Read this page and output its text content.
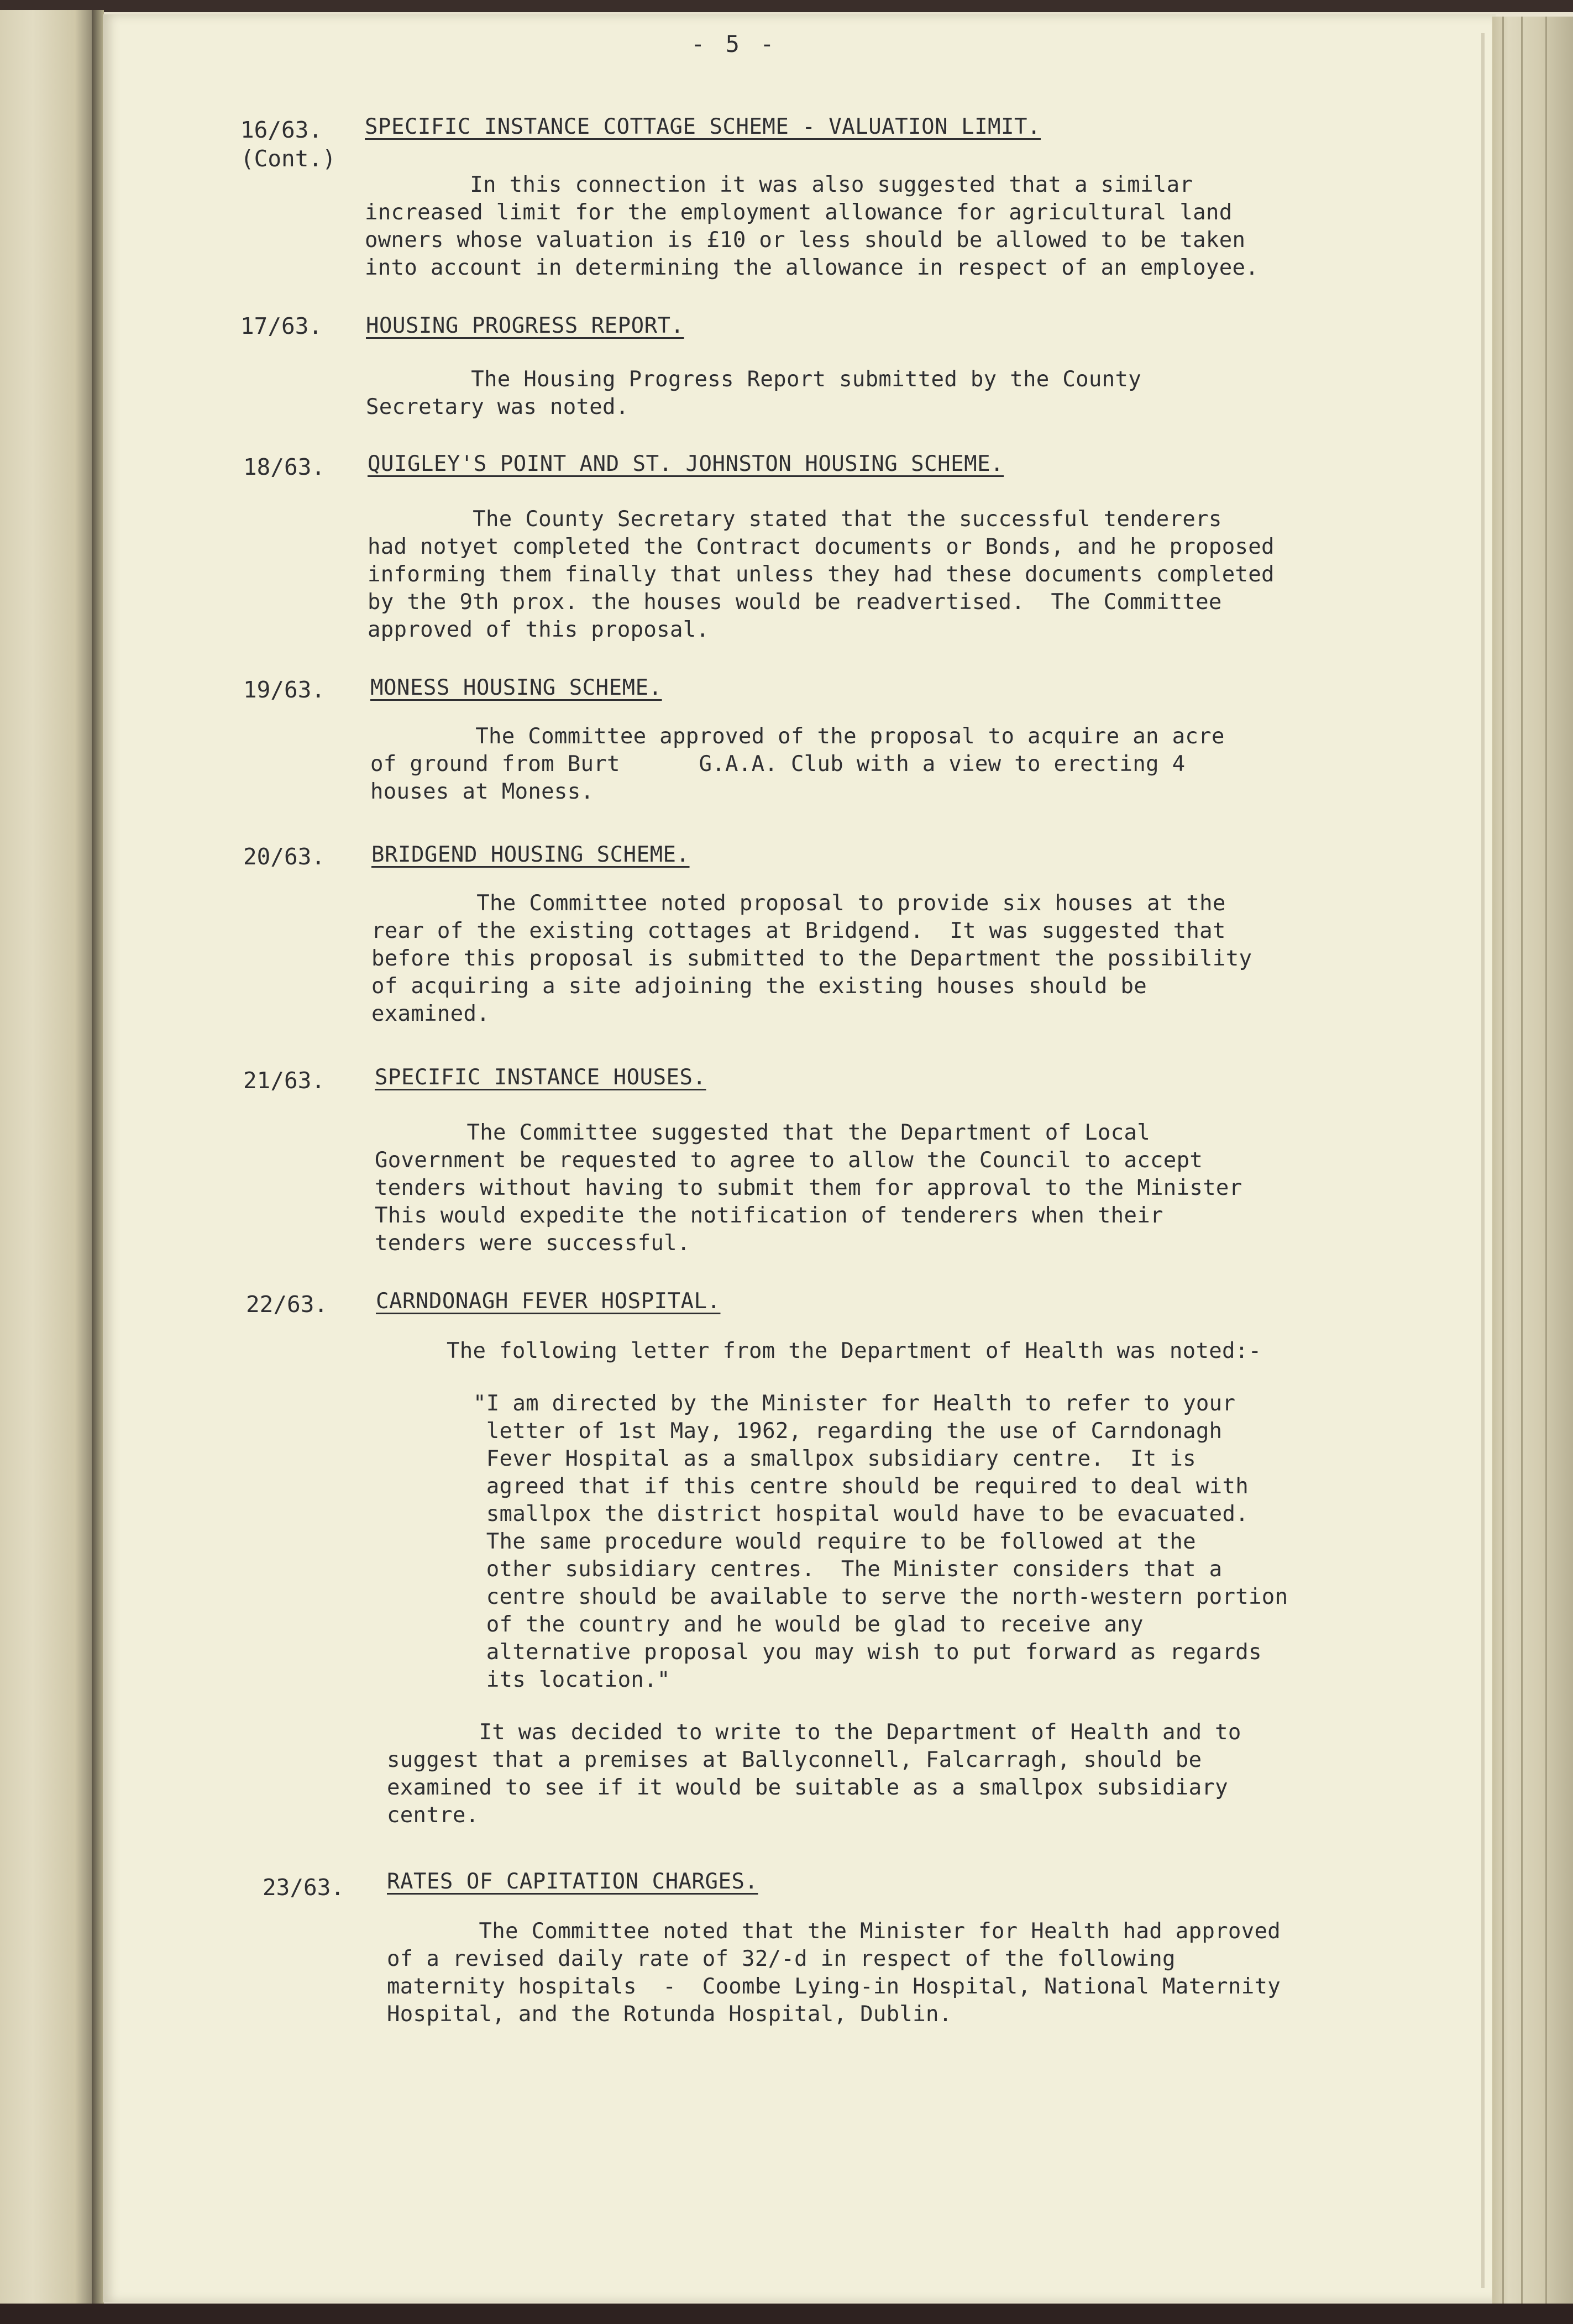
- 5 -
16/63.
(Cont.)
SPECIFIC INSTANCE COTTAGE SCHEME - VALUATION LIMIT.
In this connection it was also suggested that a similar
increased limit for the employment allowance for agricultural land
owners whose valuation is £10 or less should be allowed to be taken
into account in determining the allowance in respect of an employee.
17/63. HOUSING PROGRESS REPORT.
The Housing Progress Report submitted by the County
Secretary was noted.
18/63. QUIGLEY'S POINT AND ST. JOHNSTON HOUSING SCHEME.
The County Secretary stated that the successful tenderers
had notyet completed the Contract documents or Bonds, and he proposed
informing them finally that unless they had these documents completed
by the 9th prox. the houses would be readvertised.  The Committee
approved of this proposal.
19/63. MONESS HOUSING SCHEME.
The Committee approved of the proposal to acquire an acre
of ground from Burt      G.A.A. Club with a view to erecting 4
houses at Moness.
20/63. BRIDGEND HOUSING SCHEME.
The Committee noted proposal to provide six houses at the
rear of the existing cottages at Bridgend.  It was suggested that
before this proposal is submitted to the Department the possibility
of acquiring a site adjoining the existing houses should be
examined.
21/63. SPECIFIC INSTANCE HOUSES.
The Committee suggested that the Department of Local
Government be requested to agree to allow the Council to accept
tenders without having to submit them for approval to the Minister
This would expedite the notification of tenderers when their
tenders were successful.
22/63. CARNDONAGH FEVER HOSPITAL.
The following letter from the Department of Health was noted:-
"I am directed by the Minister for Health to refer to your
letter of 1st May, 1962, regarding the use of Carndonagh
Fever Hospital as a smallpox subsidiary centre.  It is
agreed that if this centre should be required to deal with
smallpox the district hospital would have to be evacuated.
The same procedure would require to be followed at the
other subsidiary centres.  The Minister considers that a
centre should be available to serve the north-western portion
of the country and he would be glad to receive any
alternative proposal you may wish to put forward as regards
its location."
It was decided to write to the Department of Health and to
suggest that a premises at Ballyconnell, Falcarragh, should be
examined to see if it would be suitable as a smallpox subsidiary
centre.
23/63. RATES OF CAPITATION CHARGES.
The Committee noted that the Minister for Health had approved
of a revised daily rate of 32/-d in respect of the following
maternity hospitals  -  Coombe Lying-in Hospital, National Maternity
Hospital, and the Rotunda Hospital, Dublin.
